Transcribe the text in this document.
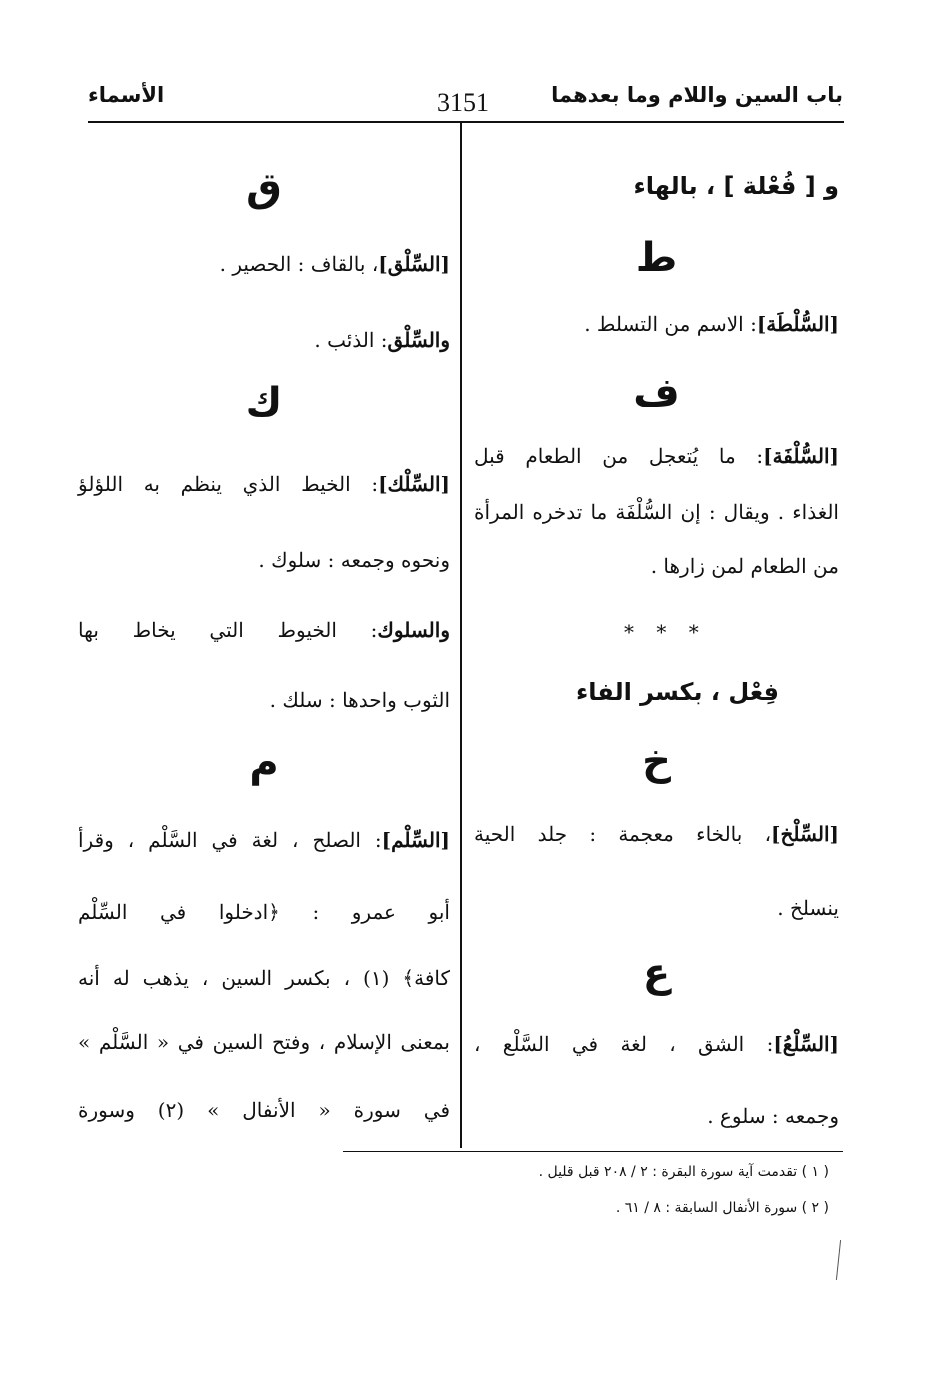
باب السين واللام وما بعدهما
3151
الأسماء
و [ فُعْلة ] ، بالهاء
ط
[السُّلْطَة]: الاسم من التسلط .
ف
[السُّلْفَة]: ما يُتعجل من الطعام قبل
الغذاء . ويقال : إن السُّلْفَة ما تدخره المرأة
من الطعام لمن زارها .
* * *
فِعْل ، بكسر الفاء
خ
[السِّلْخ]، بالخاء معجمة : جلد الحية
ينسلخ .
ع
[السِّلْعُ]: الشق ، لغة في السَّلْع ،
وجمعه : سلوع .
ق
[السِّلْق]، بالقاف : الحصير .
والسِّلْق: الذئب .
ك
[السِّلْك]: الخيط الذي ينظم به اللؤلؤ
ونحوه وجمعه : سلوك .
والسلوك: الخيوط التي يخاط بها
الثوب واحدها : سلك .
م
[السِّلْم]: الصلح ، لغة في السَّلْم ، وقرأ
أبو عمرو : ﴿ادخلوا في السِّلْم
كافة﴾ (١) ، بكسر السين ، يذهب له أنه
بمعنى الإسلام ، وفتح السين في « السَّلْم »
في سورة « الأنفال » (٢) وسورة
( ١ ) تقدمت آية سورة البقرة : ٢ / ٢٠٨ قبل قليل .
( ٢ ) سورة الأنفال السابقة : ٨ / ٦١ .
